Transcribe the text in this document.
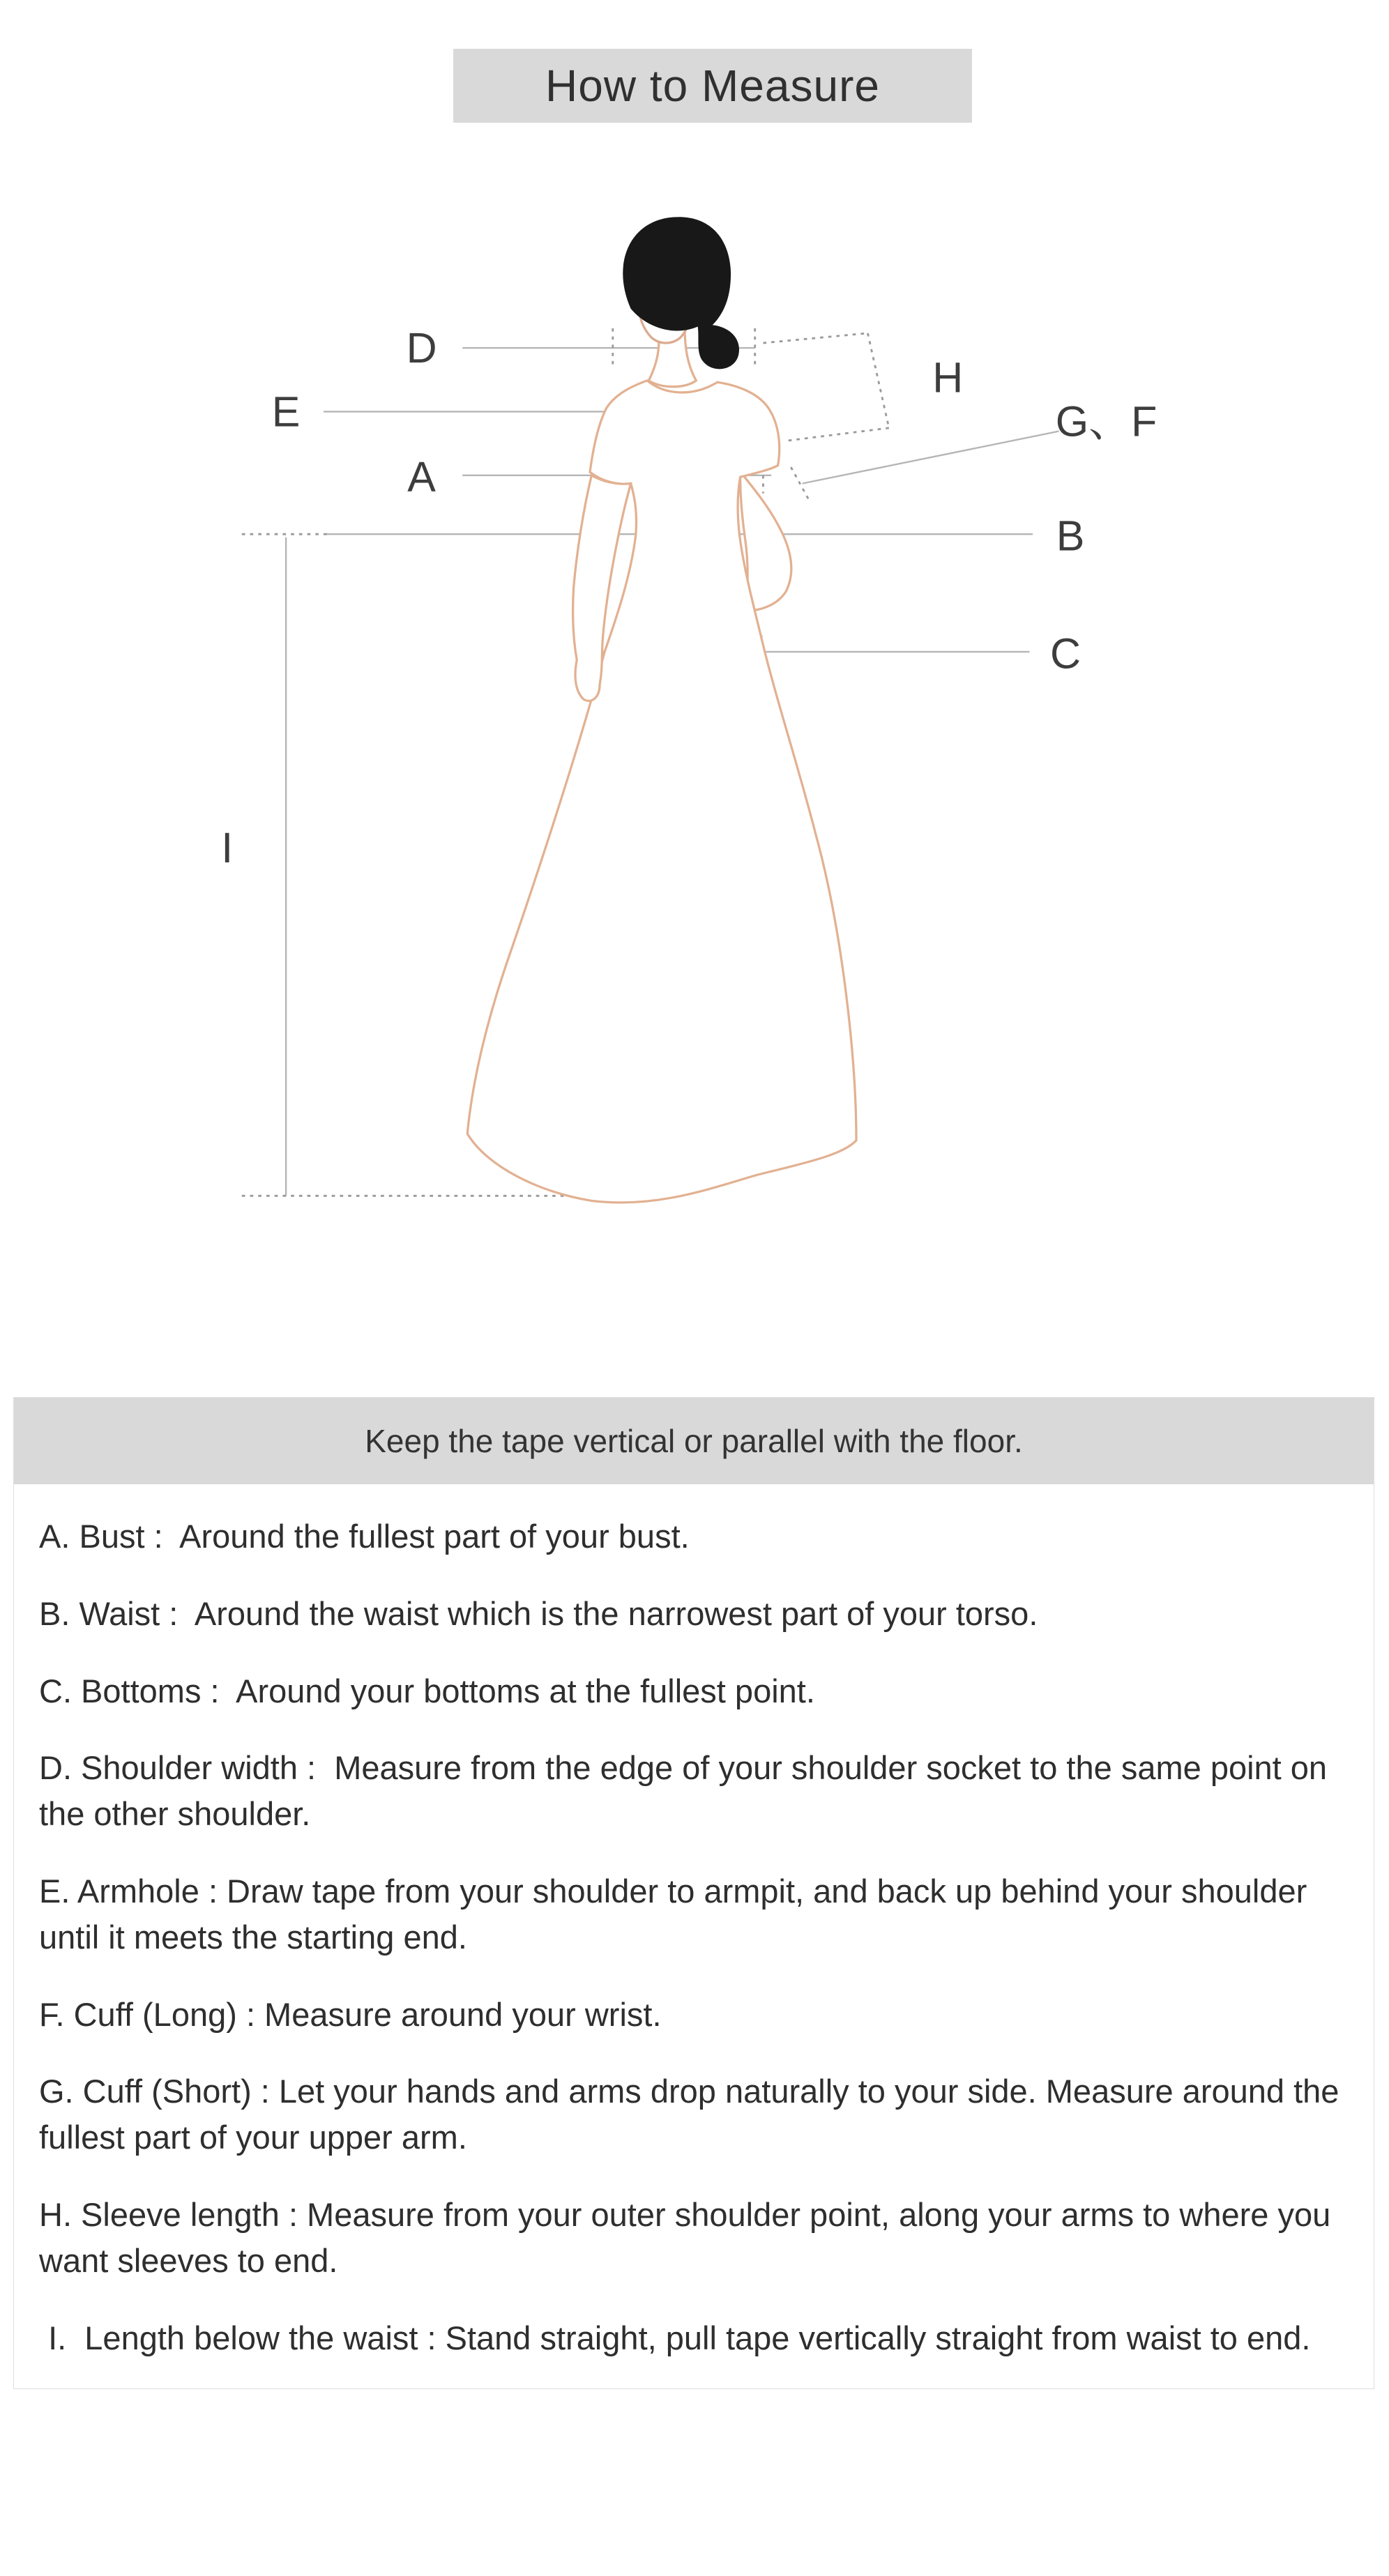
How to Measure
D
E
A
H
G、F
B
C
I
Keep the tape vertical or parallel with the floor.

A. Bust :  Around the fullest part of your bust.

B. Waist :  Around the waist which is the narrowest part of your torso.

C. Bottoms :  Around your bottoms at the fullest point.

D. Shoulder width :  Measure from the edge of your shoulder socket to the same point on the other shoulder.

E. Armhole : Draw tape from your shoulder to armpit, and back up behind your shoulder until it meets the starting end.

F. Cuff (Long) : Measure around your wrist.

G. Cuff (Short) : Let your hands and arms drop naturally to your side. Measure around the fullest part of your upper arm.

H. Sleeve length : Measure from your outer shoulder point, along your arms to where you want sleeves to end.

I.  Length below the waist : Stand straight, pull tape vertically straight from waist to end.
